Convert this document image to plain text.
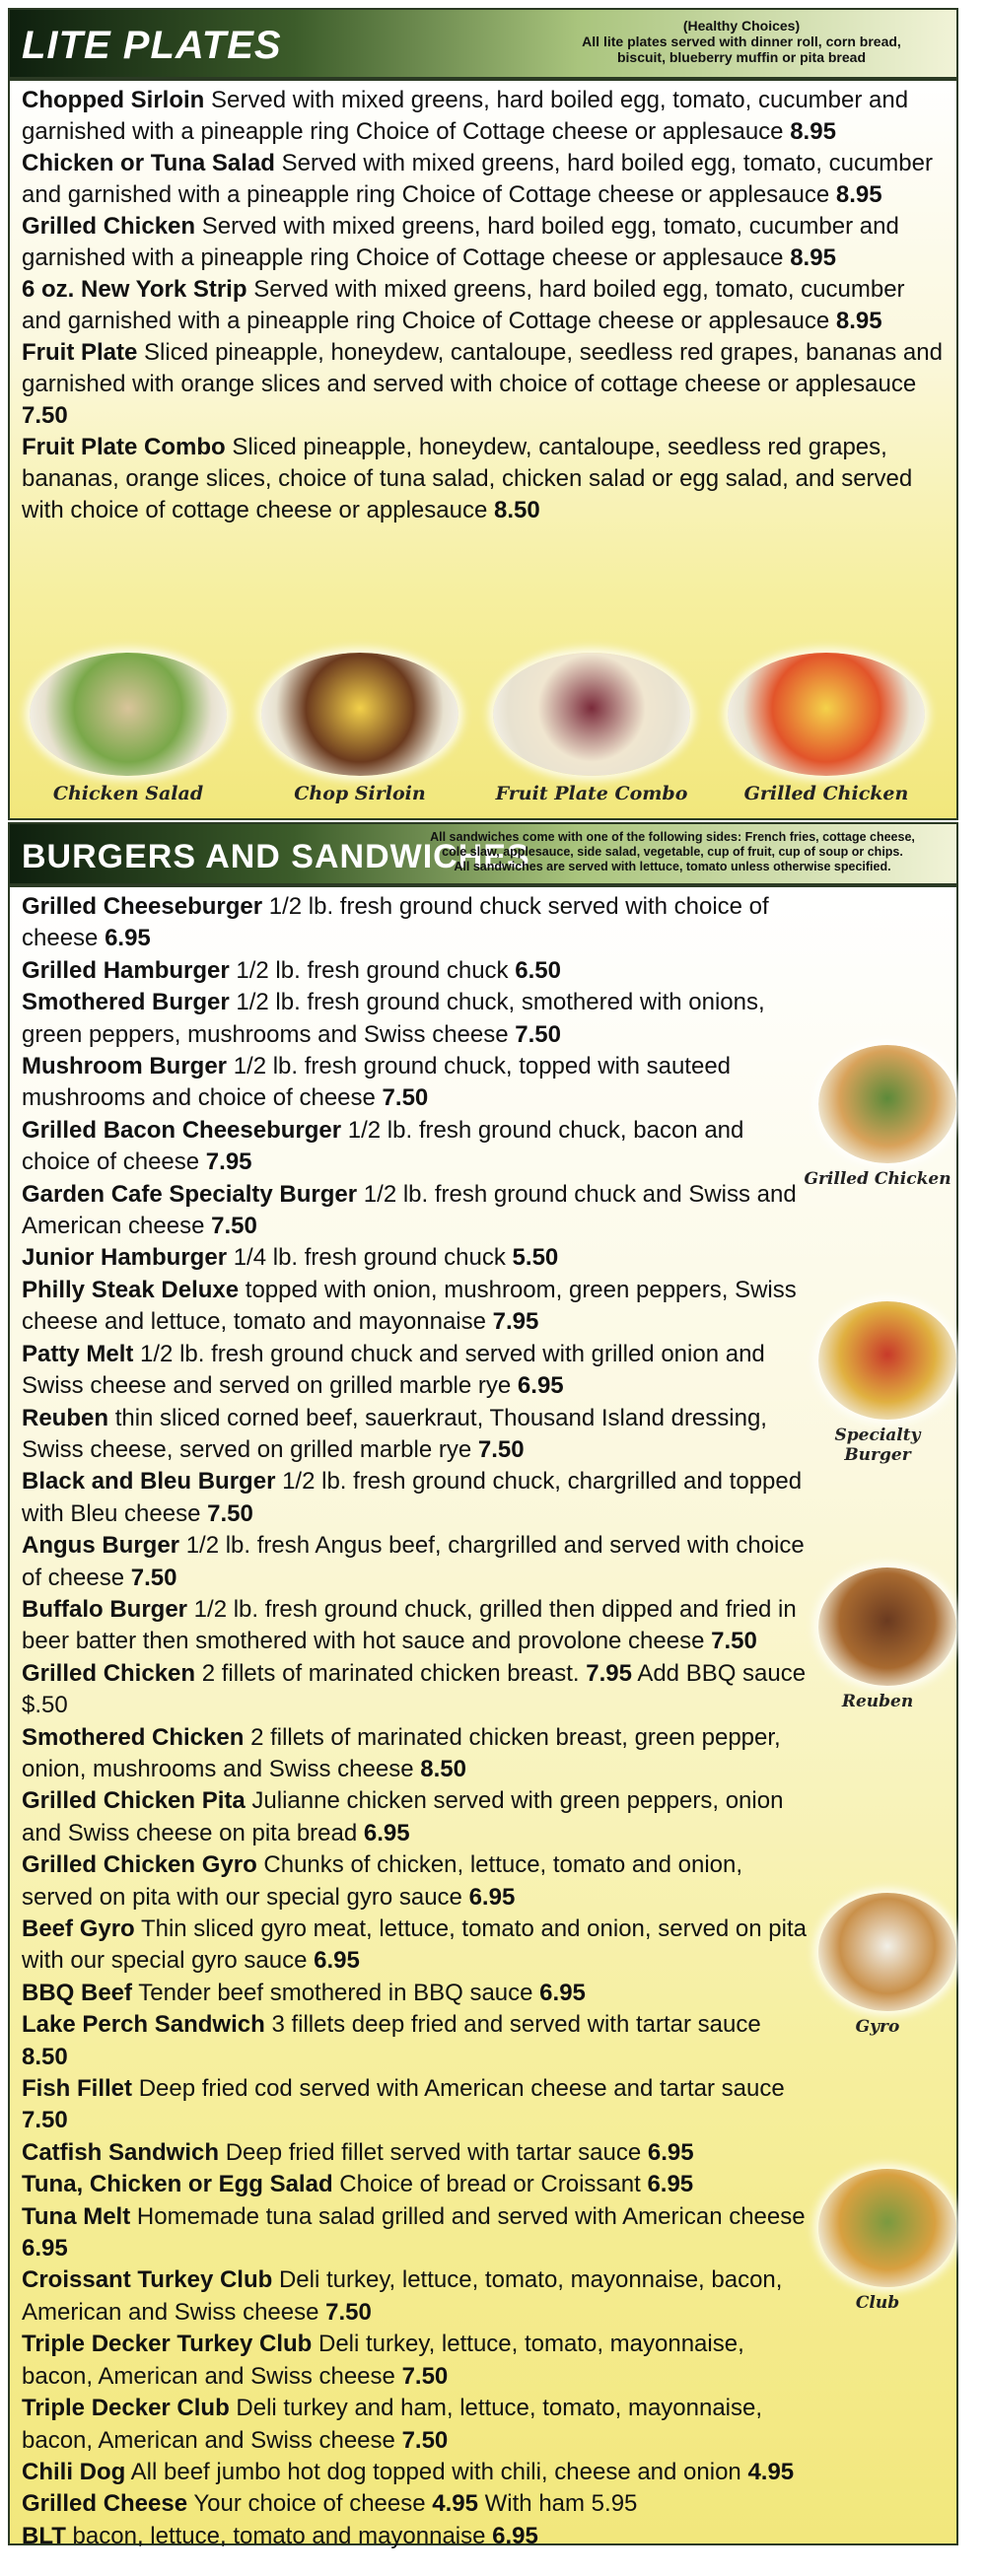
LITE PLATES	(Healthy Choices)
All lite plates served with dinner roll, corn bread,
biscuit, blueberry muffin or pita bread
Chopped Sirloin Served with mixed greens, hard boiled egg, tomato, cucumber and garnished with a pineapple ring Choice of Cottage cheese or applesauce 8.95
Chicken or Tuna Salad Served with mixed greens, hard boiled egg, tomato, cucumber and garnished with a pineapple ring Choice of Cottage cheese or applesauce 8.95
Grilled Chicken Served with mixed greens, hard boiled egg, tomato, cucumber and garnished with a pineapple ring Choice of Cottage cheese or applesauce 8.95
6 oz. New York Strip Served with mixed greens, hard boiled egg, tomato, cucumber and garnished with a pineapple ring Choice of Cottage cheese or applesauce 8.95
Fruit Plate Sliced pineapple, honeydew, cantaloupe, seedless red grapes, bananas and garnished with orange slices and served with choice of cottage cheese or applesauce 7.50
Fruit Plate Combo Sliced pineapple, honeydew, cantaloupe, seedless red grapes, bananas, orange slices, choice of tuna salad, chicken salad or egg salad, and served with choice of cottage cheese or applesauce 8.50
Chicken Salad	Chop Sirloin	Fruit Plate Combo	Grilled Chicken
BURGERS AND SANDWICHES
All sandwiches come with one of the following sides: French fries, cottage cheese,
cole slaw, applesauce, side salad, vegetable, cup of fruit, cup of soup or chips.
All sandwiches are served with lettuce, tomato unless otherwise specified.
Grilled Cheeseburger 1/2 lb. fresh ground chuck served with choice of cheese 6.95
Grilled Hamburger 1/2 lb. fresh ground chuck 6.50
Smothered Burger 1/2 lb. fresh ground chuck, smothered with onions, green peppers, mushrooms and Swiss cheese 7.50
Mushroom Burger 1/2 lb. fresh ground chuck, topped with sauteed mushrooms and choice of cheese 7.50
Grilled Bacon Cheeseburger 1/2 lb. fresh ground chuck, bacon and choice of cheese 7.95
Garden Cafe Specialty Burger 1/2 lb. fresh ground chuck and Swiss and American cheese 7.50
Junior Hamburger 1/4 lb. fresh ground chuck 5.50
Philly Steak Deluxe topped with onion, mushroom, green peppers, Swiss cheese and lettuce, tomato and mayonnaise 7.95
Patty Melt 1/2 lb. fresh ground chuck and served with grilled onion and Swiss cheese and served on grilled marble rye 6.95
Reuben thin sliced corned beef, sauerkraut, Thousand Island dressing, Swiss cheese, served on grilled marble rye 7.50
Black and Bleu Burger 1/2 lb. fresh ground chuck, chargrilled and topped with Bleu cheese 7.50
Angus Burger 1/2 lb. fresh Angus beef, chargrilled and served with choice of cheese 7.50
Buffalo Burger 1/2 lb. fresh ground chuck, grilled then dipped and fried in beer batter then smothered with hot sauce and provolone cheese 7.50
Grilled Chicken 2 fillets of marinated chicken breast. 7.95 Add BBQ sauce $.50
Smothered Chicken 2 fillets of marinated chicken breast, green pepper, onion, mushrooms and Swiss cheese 8.50
Grilled Chicken Pita Julianne chicken served with green peppers, onion and Swiss cheese on pita bread 6.95
Grilled Chicken Gyro Chunks of chicken, lettuce, tomato and onion, served on pita with our special gyro sauce 6.95
Beef Gyro Thin sliced gyro meat, lettuce, tomato and onion, served on pita with our special gyro sauce 6.95
BBQ Beef Tender beef smothered in BBQ sauce 6.95
Lake Perch Sandwich 3 fillets deep fried and served with tartar sauce 8.50
Fish Fillet Deep fried cod served with American cheese and tartar sauce 7.50
Catfish Sandwich Deep fried fillet served with tartar sauce 6.95
Tuna, Chicken or Egg Salad Choice of bread or Croissant 6.95
Tuna Melt Homemade tuna salad grilled and served with American cheese 6.95
Croissant Turkey Club Deli turkey, lettuce, tomato, mayonnaise, bacon, American and Swiss cheese 7.50
Triple Decker Turkey Club Deli turkey, lettuce, tomato, mayonnaise, bacon, American and Swiss cheese 7.50
Triple Decker Club Deli turkey and ham, lettuce, tomato, mayonnaise, bacon, American and Swiss cheese 7.50
Chili Dog All beef jumbo hot dog topped with chili, cheese and onion 4.95
Grilled Cheese Your choice of cheese 4.95 With ham 5.95
BLT bacon, lettuce, tomato and mayonnaise 6.95
Grilled Chicken
Specialty Burger
Reuben
Gyro
Club
